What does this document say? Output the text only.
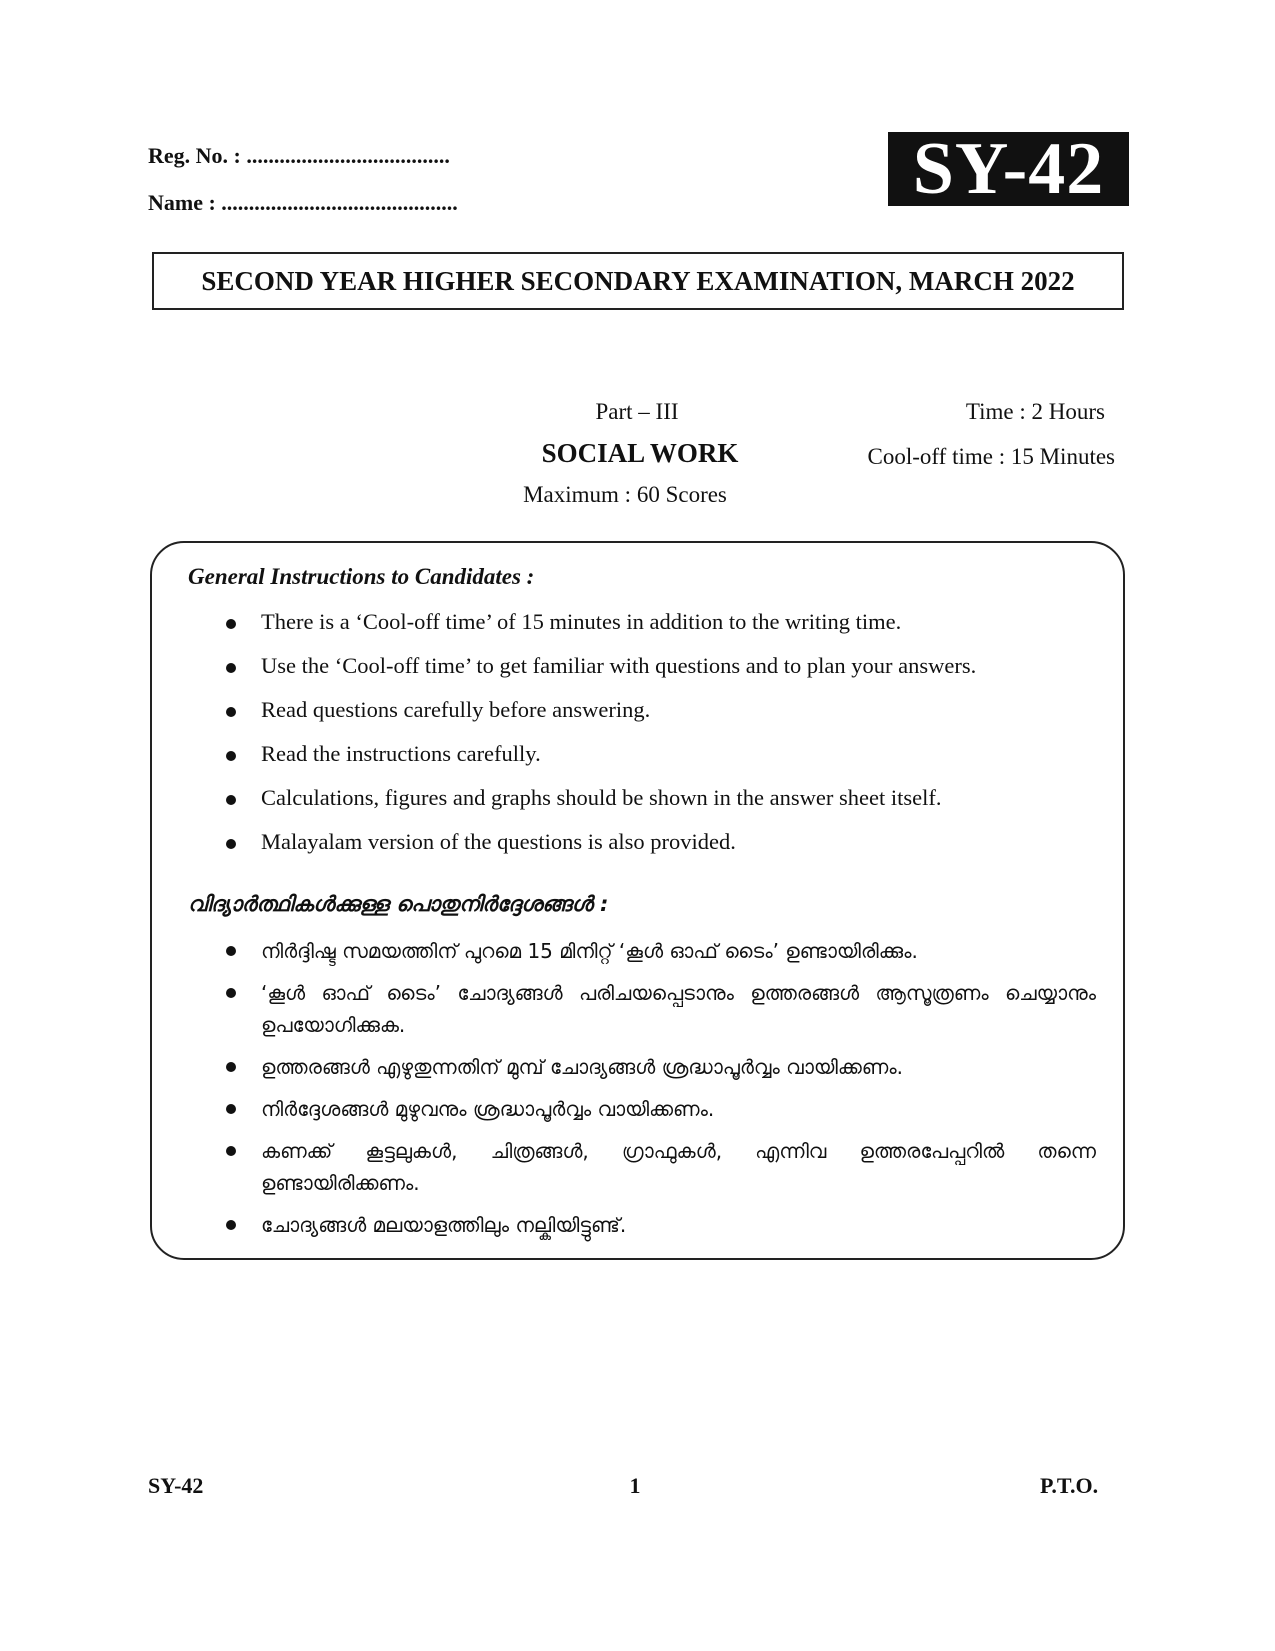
Reg. No. : .....................................
Name : ...........................................	SY-42
SECOND YEAR HIGHER SECONDARY EXAMINATION, MARCH 2022
Part – III
SOCIAL WORK
Maximum : 60 Scores
Time : 2 Hours
Cool-off time : 15 Minutes
General Instructions to Candidates :
There is a ‘Cool-off time’ of 15 minutes in addition to the writing time.
Use the ‘Cool-off time’ to get familiar with questions and to plan your answers.
Read questions carefully before answering.
Read the instructions carefully.
Calculations, figures and graphs should be shown in the answer sheet itself.
Malayalam version of the questions is also provided.
വിദ്യാർത്ഥികൾക്കുള്ള പൊതുനിർദ്ദേശങ്ങൾ :
നിർദ്ദിഷ്ട സമയത്തിന് പുറമെ 15 മിനിറ്റ് ‘കൂൾ ഓഫ് ടൈം’ ഉണ്ടായിരിക്കും.
‘കൂൾ ഓഫ് ടൈം’ ചോദ്യങ്ങൾ പരിചയപ്പെടാനും ഉത്തരങ്ങൾ ആസൂത്രണം ചെയ്യാനും ഉപയോഗിക്കുക.
ഉത്തരങ്ങൾ എഴുതുന്നതിന് മുമ്പ് ചോദ്യങ്ങൾ ശ്രദ്ധാപൂർവ്വം വായിക്കണം.
നിർദ്ദേശങ്ങൾ മുഴുവനും ശ്രദ്ധാപൂർവ്വം വായിക്കണം.
കണക്ക് കൂട്ടലുകൾ, ചിത്രങ്ങൾ, ഗ്രാഫുകൾ, എന്നിവ ഉത്തരപേപ്പറിൽ തന്നെ ഉണ്ടായിരിക്കണം.
ചോദ്യങ്ങൾ മലയാളത്തിലും നല്കിയിട്ടുണ്ട്.
SY-42	1	P.T.O.
